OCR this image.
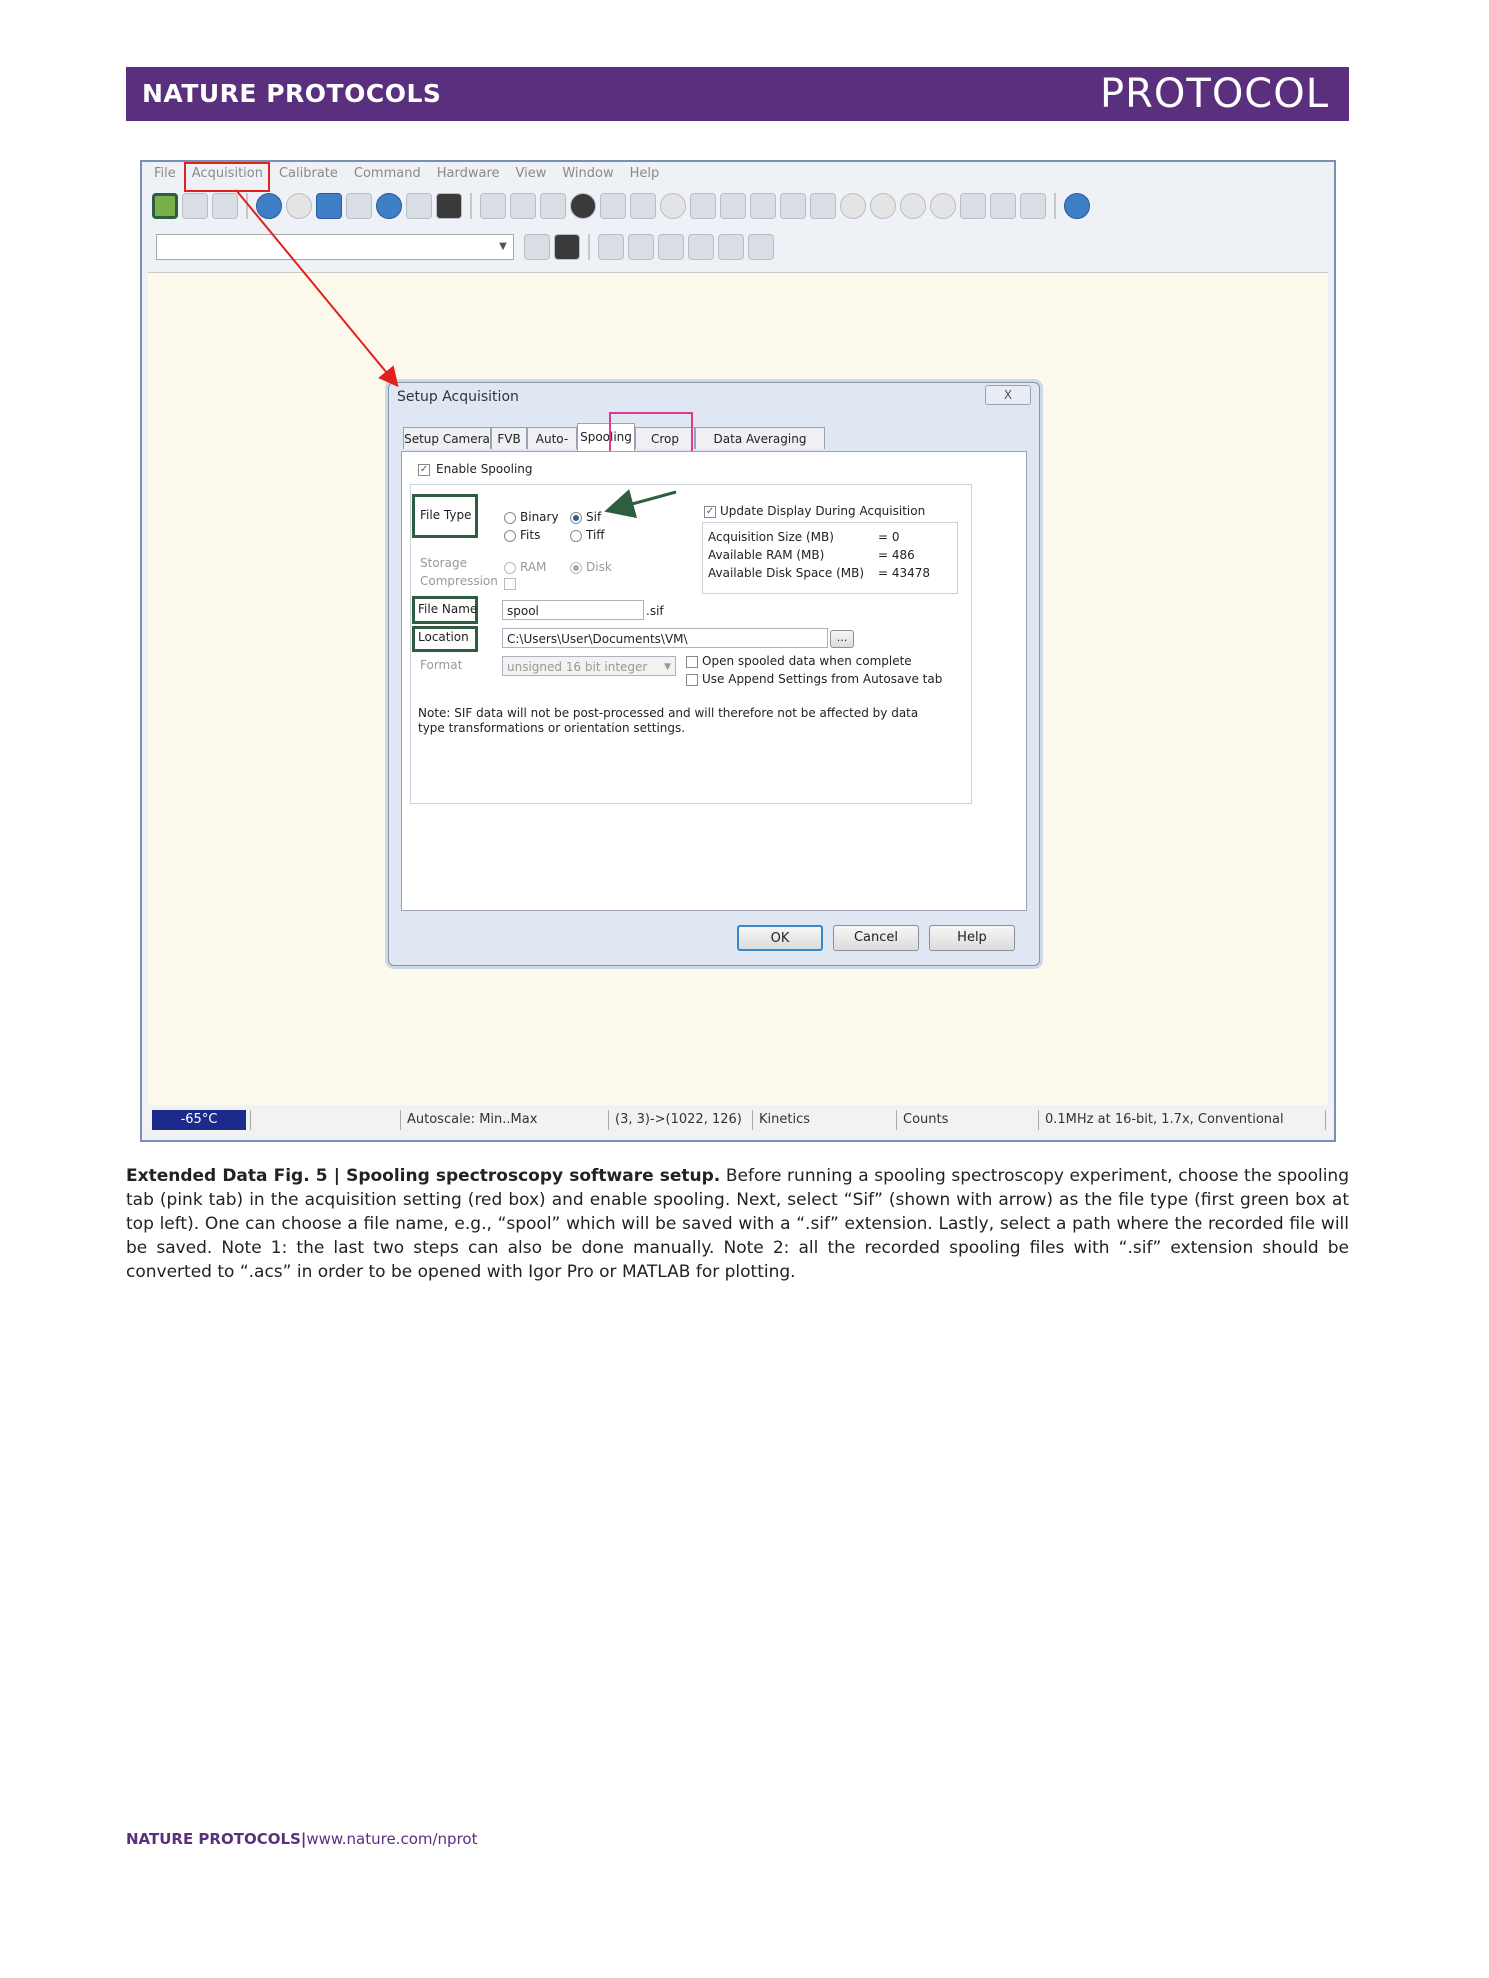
NATURE PROTOCOLS	PROTOCOL
File	Acquisition	Calibrate	Command	Hardware	View	Window	Help
▼
-65°C	Autoscale: Min..Max	(3, 3)->(1022, 126)	Kinetics	Counts	0.1MHz at 16-bit, 1.7x, Conventional
Setup Acquisition	X
Setup Camera FVB	Auto- Spooling	Crop	Data Averaging
✓ Enable Spooling
File Type	Binary Sif
Fits	Tiff
Storage
Compression
RAM	Disk
✓ Update Display During Acquisition
Acquisition Size (MB)	= 0
Available RAM (MB)	= 486
Available Disk Space (MB) = 43478
File Name	spool	.sif
Location	C:\Users\User\Documents\VM\	...
Format	unsigned 16 bit integer ▼	Open spooled data when complete
Use Append Settings from Autosave tab
Note: SIF data will not be post-processed and will therefore not be affected by data type transformations or orientation settings.
OK	Cancel	Help
Extended Data Fig. 5 | Spooling spectroscopy software setup. Before running a spooling spectroscopy experiment, choose the spooling tab (pink tab) in the acquisition setting (red box) and enable spooling. Next, select “Sif” (shown with arrow) as the file type (first green box at top left). One can choose a file name, e.g., “spool” which will be saved with a “.sif” extension. Lastly, select a path where the recorded file will be saved. Note 1: the last two steps can also be done manually. Note 2: all the recorded spooling files with “.sif” extension should be converted to “.acs” in order to be opened with Igor Pro or MATLAB for plotting.
NATURE PROTOCOLS|www.nature.com/nprot
